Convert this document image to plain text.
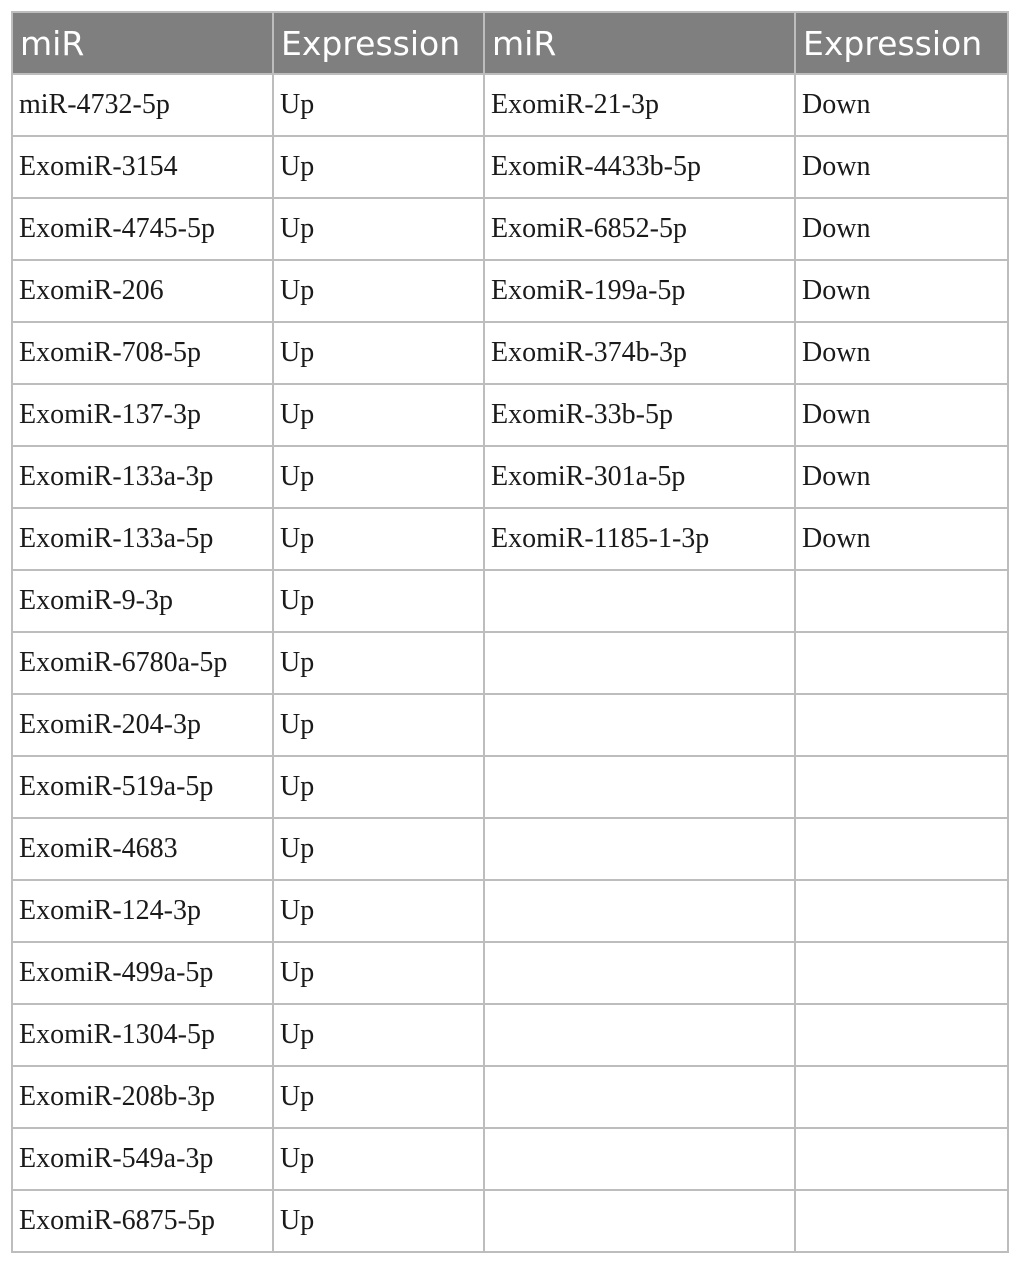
miR	Expression	miR	Expression
miR-4732-5p	Up	ExomiR-21-3p	Down
ExomiR-3154	Up	ExomiR-4433b-5p	Down
ExomiR-4745-5p	Up	ExomiR-6852-5p	Down
ExomiR-206	Up	ExomiR-199a-5p	Down
ExomiR-708-5p	Up	ExomiR-374b-3p	Down
ExomiR-137-3p	Up	ExomiR-33b-5p	Down
ExomiR-133a-3p	Up	ExomiR-301a-5p	Down
ExomiR-133a-5p	Up	ExomiR-1185-1-3p	Down
ExomiR-9-3p	Up		
ExomiR-6780a-5p	Up		
ExomiR-204-3p	Up		
ExomiR-519a-5p	Up		
ExomiR-4683	Up		
ExomiR-124-3p	Up		
ExomiR-499a-5p	Up		
ExomiR-1304-5p	Up		
ExomiR-208b-3p	Up		
ExomiR-549a-3p	Up		
ExomiR-6875-5p	Up		
